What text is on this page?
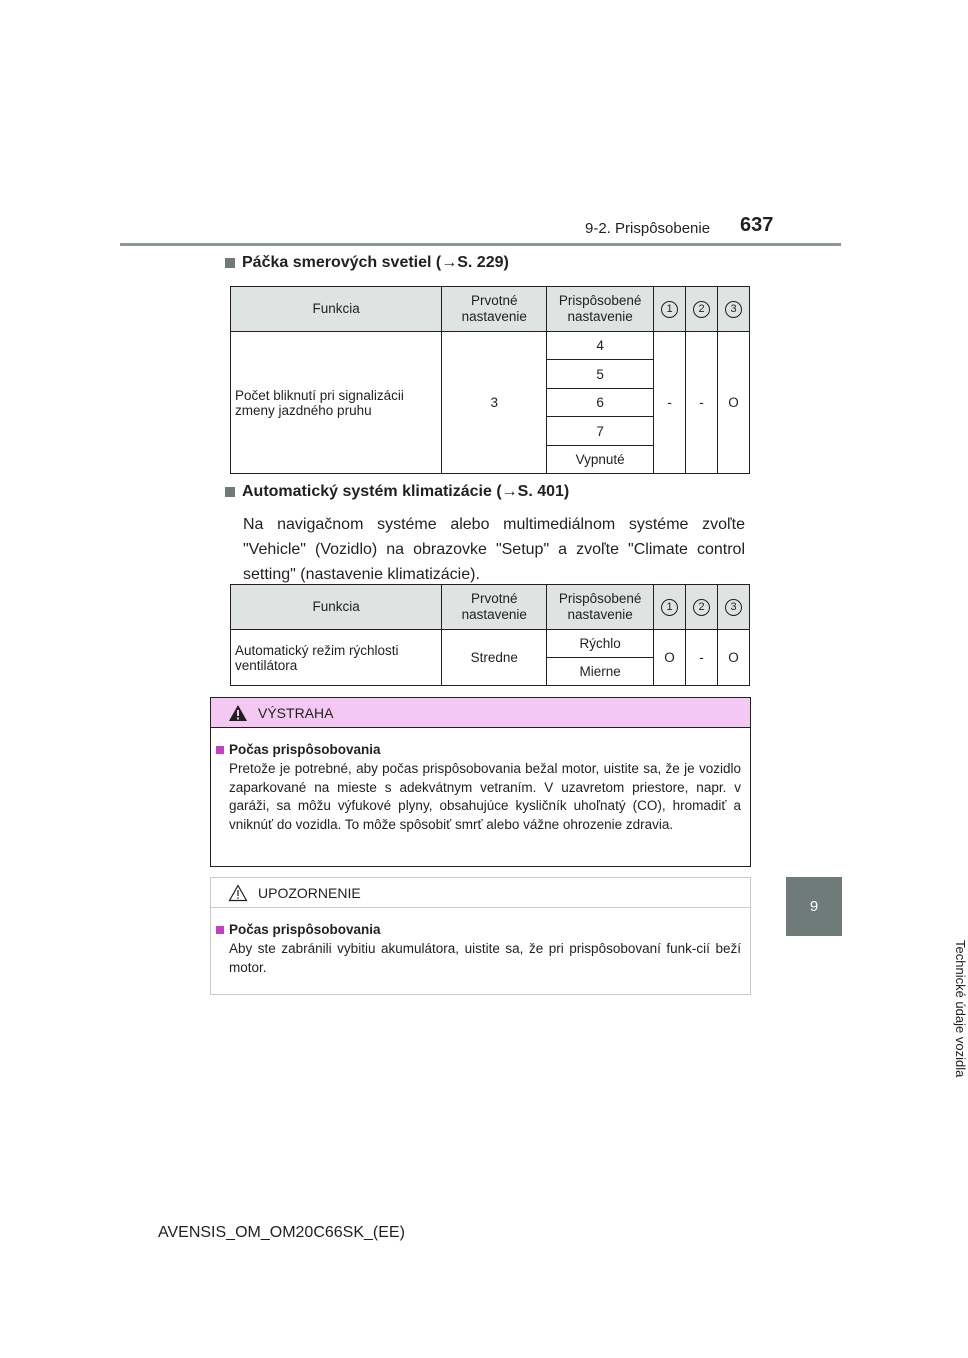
9-2. Prispôsobenie 637
9
Technické údaje vozidla
Páčka smerových svetiel (→S. 229)
Funkcia	Prvotné nastavenie	Prispôsobené nastavenie	1	2	3
Počet bliknutí pri signalizácii zmeny jazdného pruhu	3	4	-	-	O
		5			
		6			
		7			
		Vypnuté			
Automatický systém klimatizácie (→S. 401)
Na navigačnom systéme alebo multimediálnom systéme zvoľte "Vehicle" (Vozidlo) na obrazovke "Setup" a zvoľte "Climate control setting" (nastavenie klimatizácie).
Funkcia	Prvotné nastavenie	Prispôsobené nastavenie	1	2	3
Automatický režim rýchlosti ventilátora	Stredne	Rýchlo	O	-	O
		Mierne			
VÝSTRAHA
Počas prispôsobovania
Pretože je potrebné, aby počas prispôsobovania bežal motor, uistite sa, že je vozidlo zaparkované na mieste s adekvátnym vetraním. V uzavretom priestore, napr. v garáži, sa môžu výfukové plyny, obsahujúce kysličník uhoľnatý (CO), hromadiť a vniknúť do vozidla. To môže spôsobiť smrť alebo vážne ohrozenie zdravia.
UPOZORNENIE
Počas prispôsobovania
Aby ste zabránili vybitiu akumulátora, uistite sa, že pri prispôsobovaní funk-cií beží motor.
AVENSIS_OM_OM20C66SK_(EE)
